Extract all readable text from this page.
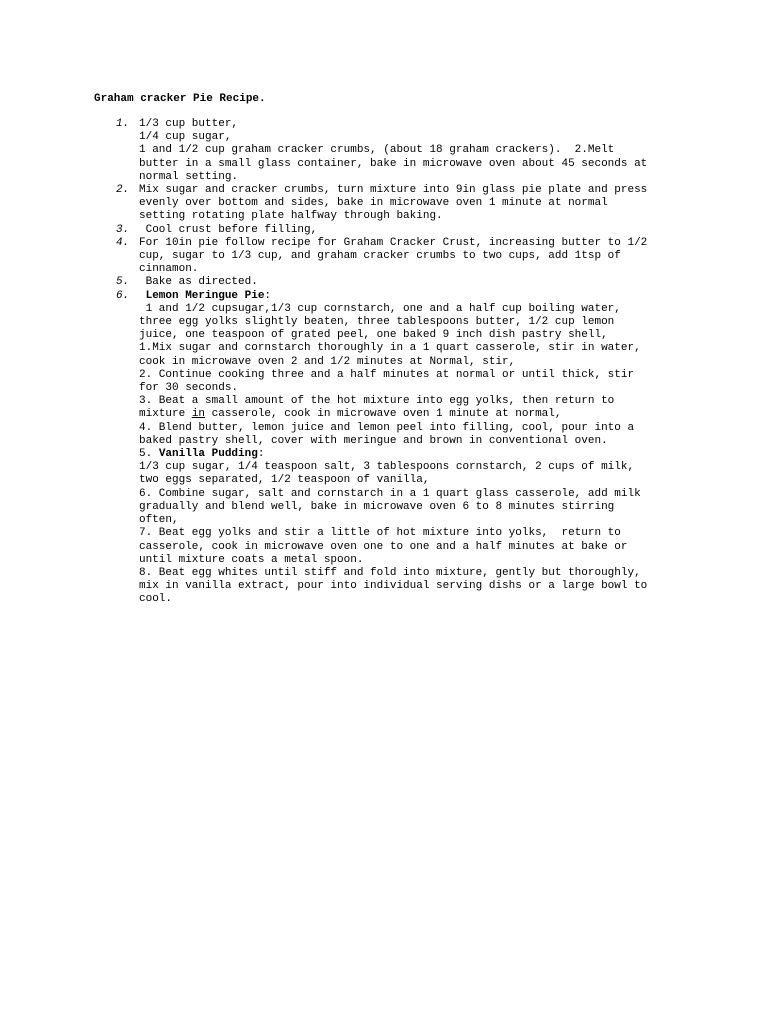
Graham cracker Pie Recipe.
1. 1/3 cup butter,
1/4 cup sugar,
1 and 1/2 cup graham cracker crumbs, (about 18 graham crackers).  2.Melt
butter in a small glass container, bake in microwave oven about 45 seconds at
normal setting.
2. Mix sugar and cracker crumbs, turn mixture into 9in glass pie plate and press
evenly over bottom and sides, bake in microwave oven 1 minute at normal
setting rotating plate halfway through baking.
3. Cool crust before filling,
4. For 10in pie follow recipe for Graham Cracker Crust, increasing butter to 1/2
cup, sugar to 1/3 cup, and graham cracker crumbs to two cups, add 1tsp of
cinnamon.
5. Bake as directed.
6. Lemon Meringue Pie:
1 and 1/2 cupsugar,1/3 cup cornstarch, one and a half cup boiling water,
three egg yolks slightly beaten, three tablespoons butter, 1/2 cup lemon
juice, one teaspoon of grated peel, one baked 9 inch dish pastry shell,
1.Mix sugar and cornstarch thoroughly in a 1 quart casserole, stir in water,
cook in microwave oven 2 and 1/2 minutes at Normal, stir,
2. Continue cooking three and a half minutes at normal or until thick, stir
for 30 seconds.
3. Beat a small amount of the hot mixture into egg yolks, then return to
mixture in casserole, cook in microwave oven 1 minute at normal,
4. Blend butter, lemon juice and lemon peel into filling, cool, pour into a
baked pastry shell, cover with meringue and brown in conventional oven.
5. Vanilla Pudding:
1/3 cup sugar, 1/4 teaspoon salt, 3 tablespoons cornstarch, 2 cups of milk,
two eggs separated, 1/2 teaspoon of vanilla,
6. Combine sugar, salt and cornstarch in a 1 quart glass casserole, add milk
gradually and blend well, bake in microwave oven 6 to 8 minutes stirring
often,
7. Beat egg yolks and stir a little of hot mixture into yolks,  return to
casserole, cook in microwave oven one to one and a half minutes at bake or
until mixture coats a metal spoon.
8. Beat egg whites until stiff and fold into mixture, gently but thoroughly,
mix in vanilla extract, pour into individual serving dishs or a large bowl to
cool.
